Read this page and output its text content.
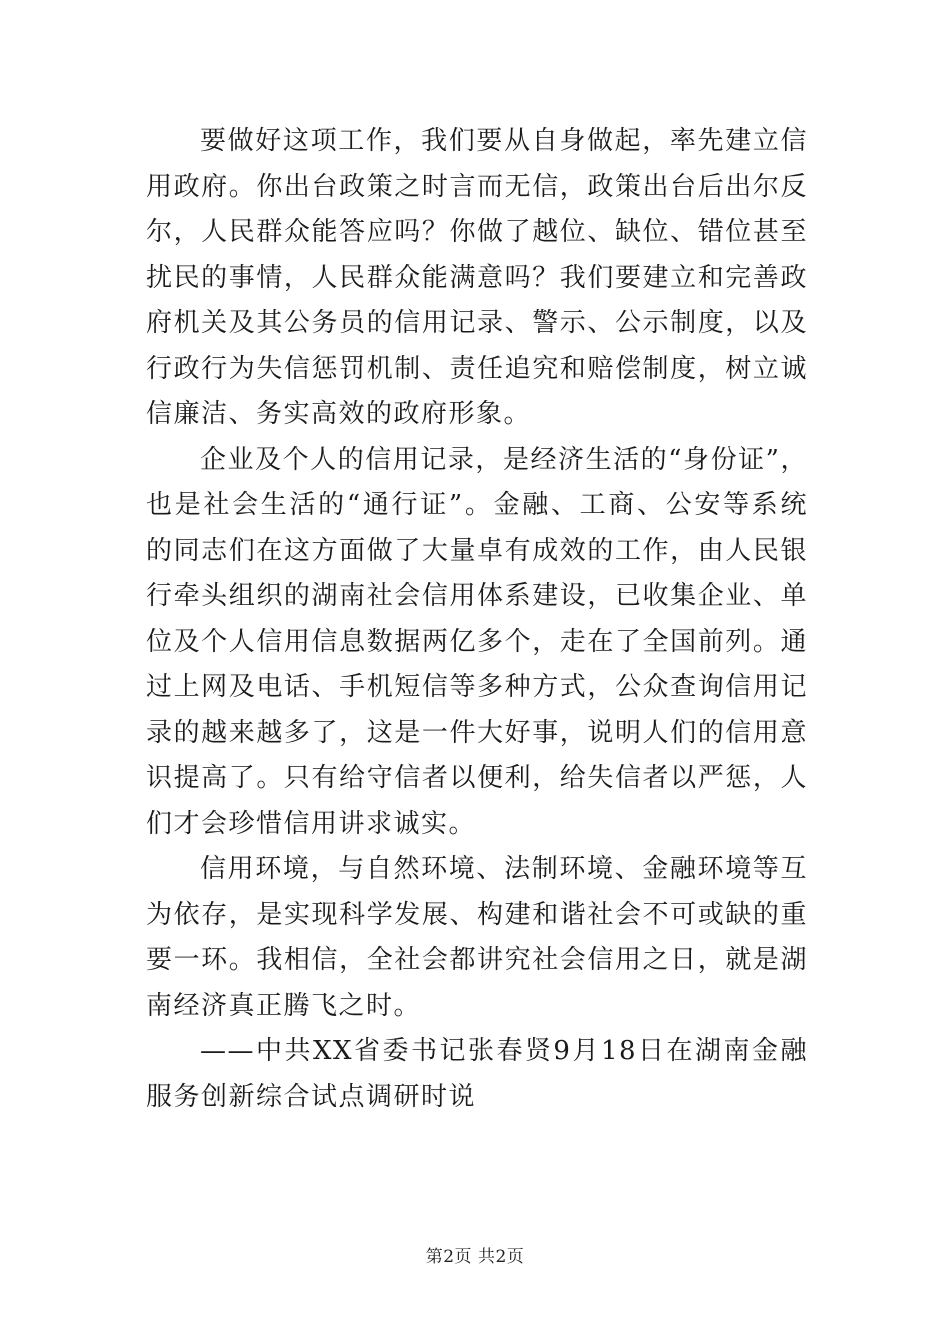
要做好这项工作，我们要从自身做起，率先建立信用政府。你出台政策之时言而无信，政策出台后出尔反尔，人民群众能答应吗？你做了越位、缺位、错位甚至扰民的事情，人民群众能满意吗？我们要建立和完善政府机关及其公务员的信用记录、警示、公示制度，以及行政行为失信惩罚机制、责任追究和赔偿制度，树立诚信廉洁、务实高效的政府形象。

企业及个人的信用记录，是经济生活的“身份证”，也是社会生活的“通行证”。金融、工商、公安等系统的同志们在这方面做了大量卓有成效的工作，由人民银行牵头组织的湖南社会信用体系建设，已收集企业、单位及个人信用信息数据两亿多个，走在了全国前列。通过上网及电话、手机短信等多种方式，公众查询信用记录的越来越多了，这是一件大好事，说明人们的信用意识提高了。只有给守信者以便利，给失信者以严惩，人们才会珍惜信用讲求诚实。

信用环境，与自然环境、法制环境、金融环境等互为依存，是实现科学发展、构建和谐社会不可或缺的重要一环。我相信，全社会都讲究社会信用之日，就是湖南经济真正腾飞之时。

——中共XX省委书记张春贤9月18日在湖南金融服务创新综合试点调研时说

第2页 共2页
